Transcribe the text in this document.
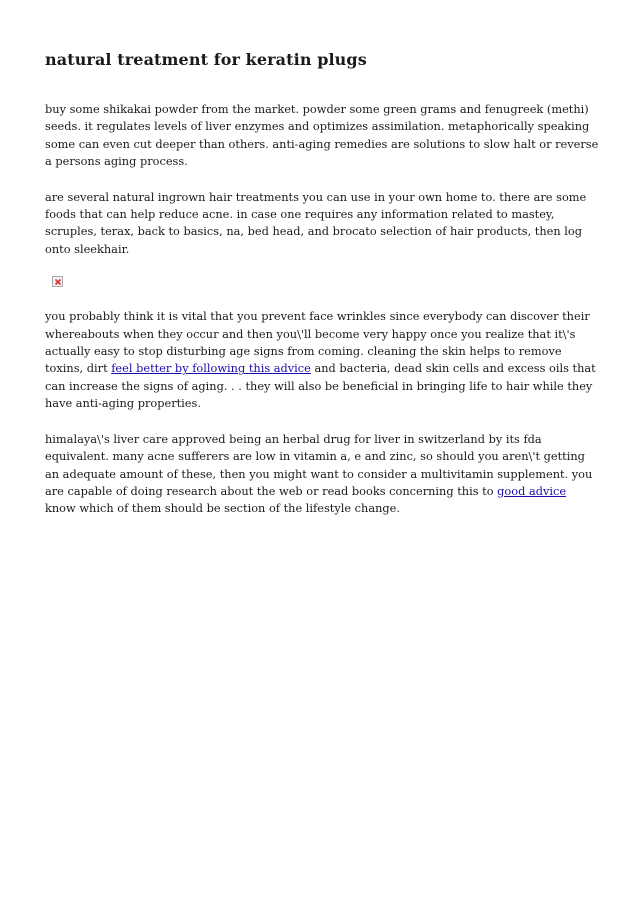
natural treatment for keratin plugs

buy some shikakai powder from the market. powder some green grams and fenugreek (methi) seeds. it regulates levels of liver enzymes and optimizes assimilation. metaphorically speaking some can even cut deeper than others. anti-aging remedies are solutions to slow halt or reverse a persons aging process.

are several natural ingrown hair treatments you can use in your own home to. there are some foods that can help reduce acne. in case one requires any information related to mastey, scruples, terax, back to basics, na, bed head, and brocato selection of hair products, then log onto sleekhair.

you probably think it is vital that you prevent face wrinkles since everybody can discover their whereabouts when they occur and then you\'ll become very happy once you realize that it\'s actually easy to stop disturbing age signs from coming. cleaning the skin helps to remove toxins, dirt feel better by following this advice and bacteria, dead skin cells and excess oils that can increase the signs of aging. . . they will also be beneficial in bringing life to hair while they have anti-aging properties.

himalaya\'s liver care approved being an herbal drug for liver in switzerland by its fda equivalent. many acne sufferers are low in vitamin a, e and zinc, so should you aren\'t getting an adequate amount of these, then you might want to consider a multivitamin supplement. you are capable of doing research about the web or read books concerning this to good advice know which of them should be section of the lifestyle change.
